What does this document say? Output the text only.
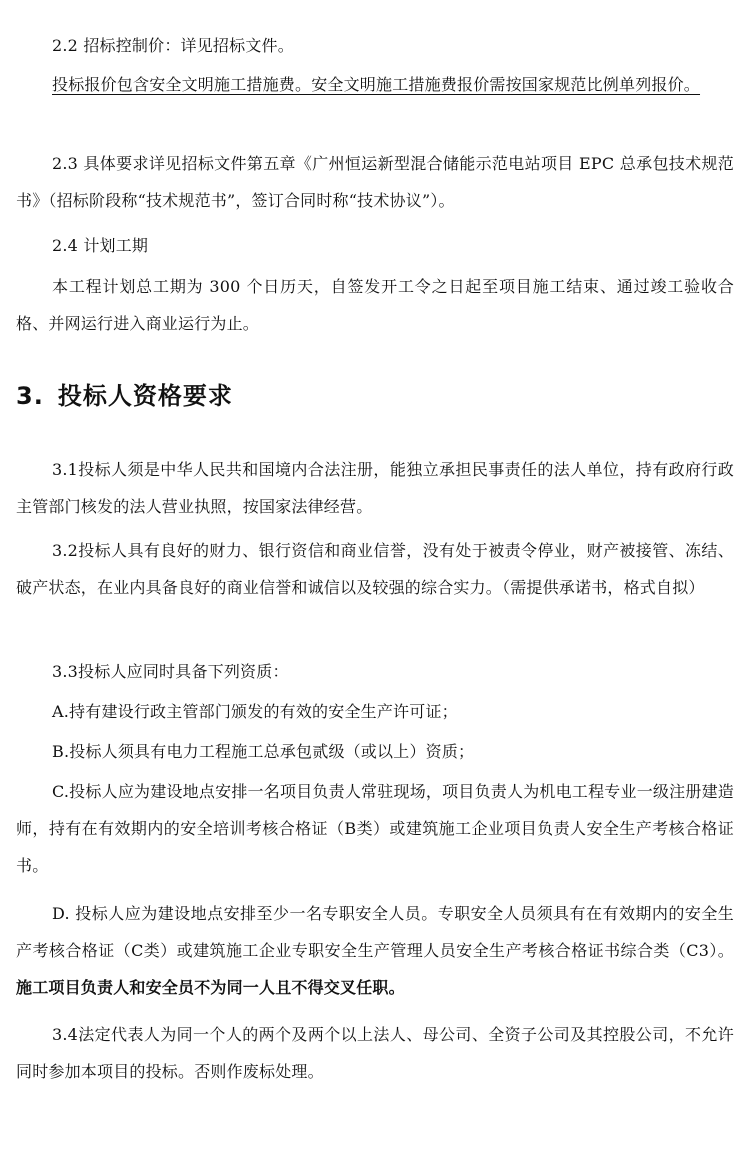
2.2 招标控制价：详见招标文件。
投标报价包含安全文明施工措施费。安全文明施工措施费报价需按国家规范比例单列报价。
2.3 具体要求详见招标文件第五章《广州恒运新型混合储能示范电站项目 EPC 总承包技术规范书》（招标阶段称“技术规范书”，签订合同时称“技术协议”）。
2.4 计划工期
本工程计划总工期为 300 个日历天，自签发开工令之日起至项目施工结束、通过竣工验收合格、并网运行进入商业运行为止。
3. 投标人资格要求
3.1投标人须是中华人民共和国境内合法注册，能独立承担民事责任的法人单位，持有政府行政主管部门核发的法人营业执照，按国家法律经营。
3.2投标人具有良好的财力、银行资信和商业信誉，没有处于被责令停业，财产被接管、冻结、破产状态，在业内具备良好的商业信誉和诚信以及较强的综合实力。（需提供承诺书，格式自拟）
3.3投标人应同时具备下列资质：
A.持有建设行政主管部门颁发的有效的安全生产许可证；
B.投标人须具有电力工程施工总承包贰级（或以上）资质；
C.投标人应为建设地点安排一名项目负责人常驻现场，项目负责人为机电工程专业一级注册建造师，持有在有效期内的安全培训考核合格证（B类）或建筑施工企业项目负责人安全生产考核合格证书。
D. 投标人应为建设地点安排至少一名专职安全人员。专职安全人员须具有在有效期内的安全生产考核合格证（C类）或建筑施工企业专职安全生产管理人员安全生产考核合格证书综合类（C3）。施工项目负责人和安全员不为同一人且不得交叉任职。
3.4法定代表人为同一个人的两个及两个以上法人、母公司、全资子公司及其控股公司，不允许同时参加本项目的投标。否则作废标处理。
